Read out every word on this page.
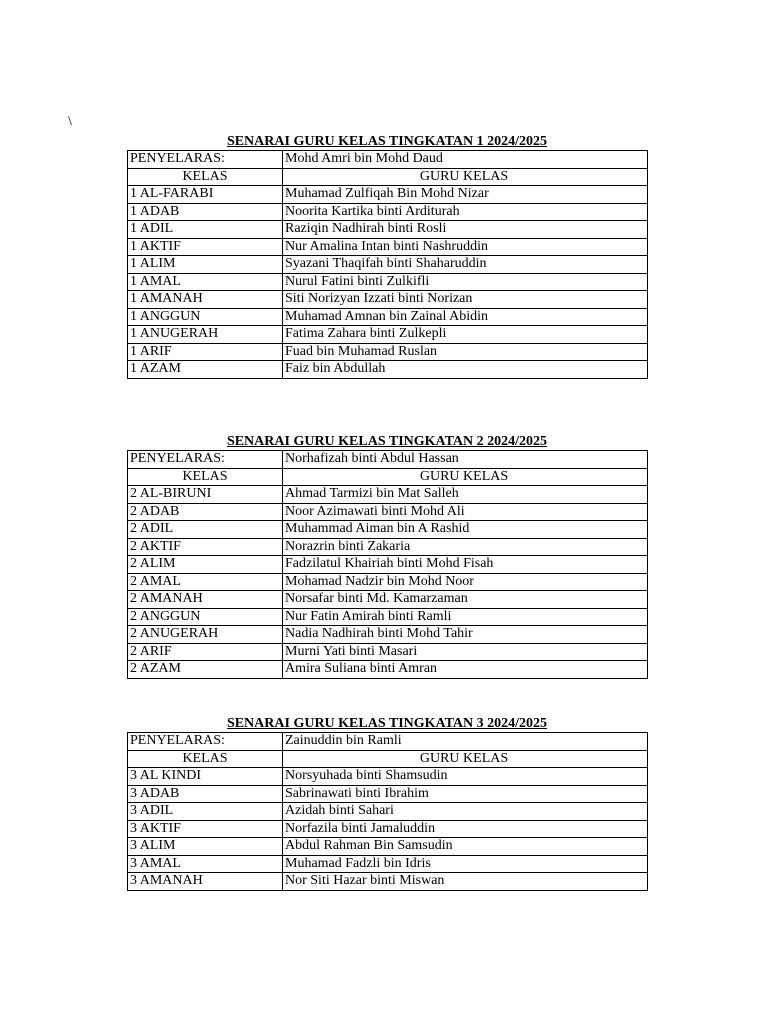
\
SENARAI GURU KELAS TINGKATAN 1 2024/2025
PENYELARAS:	Mohd Amri bin Mohd Daud
KELAS	GURU KELAS
1 AL-FARABI	Muhamad Zulfiqah Bin Mohd Nizar
1 ADAB	Noorita Kartika binti Arditurah
1 ADIL	Raziqin Nadhirah binti Rosli
1 AKTIF	Nur Amalina Intan binti Nashruddin
1 ALIM	Syazani Thaqifah binti Shaharuddin
1 AMAL	Nurul Fatini binti Zulkifli
1 AMANAH	Siti Norizyan Izzati binti Norizan
1 ANGGUN	Muhamad Amnan bin Zainal Abidin
1 ANUGERAH	Fatima Zahara binti Zulkepli
1 ARIF	Fuad bin Muhamad Ruslan
1 AZAM	Faiz bin Abdullah
SENARAI GURU KELAS TINGKATAN 2 2024/2025
PENYELARAS:	Norhafizah binti Abdul Hassan
KELAS	GURU KELAS
2 AL-BIRUNI	Ahmad Tarmizi bin Mat Salleh
2 ADAB	Noor Azimawati binti Mohd Ali
2 ADIL	Muhammad Aiman bin A Rashid
2 AKTIF	Norazrin binti Zakaria
2 ALIM	Fadzilatul Khairiah binti Mohd Fisah
2 AMAL	Mohamad Nadzir bin Mohd Noor
2 AMANAH	Norsafar binti Md. Kamarzaman
2 ANGGUN	Nur Fatin Amirah binti Ramli
2 ANUGERAH	Nadia Nadhirah binti Mohd Tahir
2 ARIF	Murni Yati binti Masari
2 AZAM	Amira Suliana binti Amran
SENARAI GURU KELAS TINGKATAN 3 2024/2025
PENYELARAS:	Zainuddin bin Ramli
KELAS	GURU KELAS
3 AL KINDI	Norsyuhada binti Shamsudin
3 ADAB	Sabrinawati binti Ibrahim
3 ADIL	Azidah binti Sahari
3 AKTIF	Norfazila binti Jamaluddin
3 ALIM	Abdul Rahman Bin Samsudin
3 AMAL	Muhamad Fadzli bin Idris
3 AMANAH	Nor Siti Hazar binti Miswan
